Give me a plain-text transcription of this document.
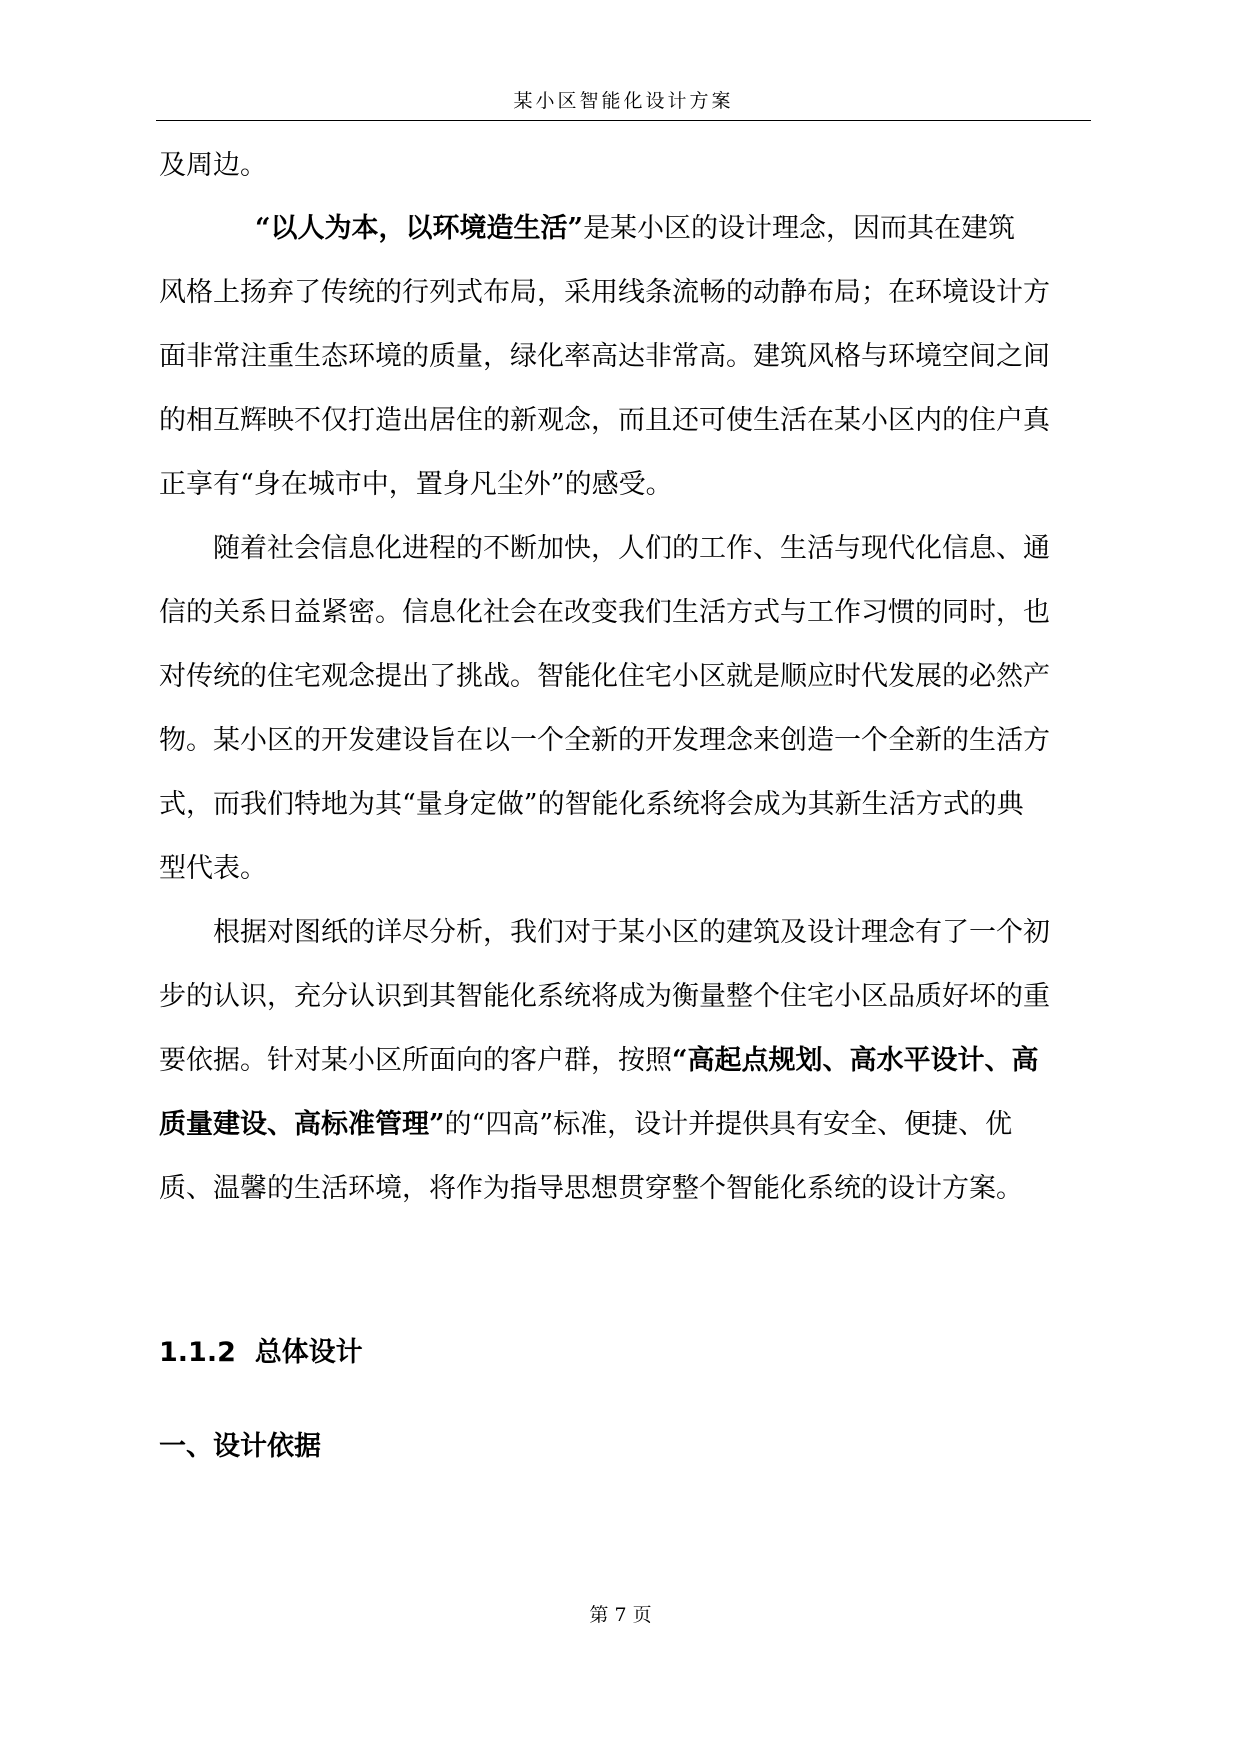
某小区智能化设计方案
及周边。
“以人为本，以环境造生活”是某小区的设计理念，因而其在建筑
风格上扬弃了传统的行列式布局，采用线条流畅的动静布局；在环境设计方
面非常注重生态环境的质量，绿化率高达非常高。建筑风格与环境空间之间
的相互辉映不仅打造出居住的新观念，而且还可使生活在某小区内的住户真
正享有“身在城市中，置身凡尘外”的感受。
随着社会信息化进程的不断加快，人们的工作、生活与现代化信息、通
信的关系日益紧密。信息化社会在改变我们生活方式与工作习惯的同时，也
对传统的住宅观念提出了挑战。智能化住宅小区就是顺应时代发展的必然产
物。某小区的开发建设旨在以一个全新的开发理念来创造一个全新的生活方
式，而我们特地为其“量身定做”的智能化系统将会成为其新生活方式的典
型代表。
根据对图纸的详尽分析，我们对于某小区的建筑及设计理念有了一个初
步的认识，充分认识到其智能化系统将成为衡量整个住宅小区品质好坏的重
要依据。针对某小区所面向的客户群，按照“高起点规划、高水平设计、高
质量建设、高标准管理”的“四高”标准，设计并提供具有安全、便捷、优
质、温馨的生活环境，将作为指导思想贯穿整个智能化系统的设计方案。
1.1.2 总体设计
一、设计依据
第 7 页
